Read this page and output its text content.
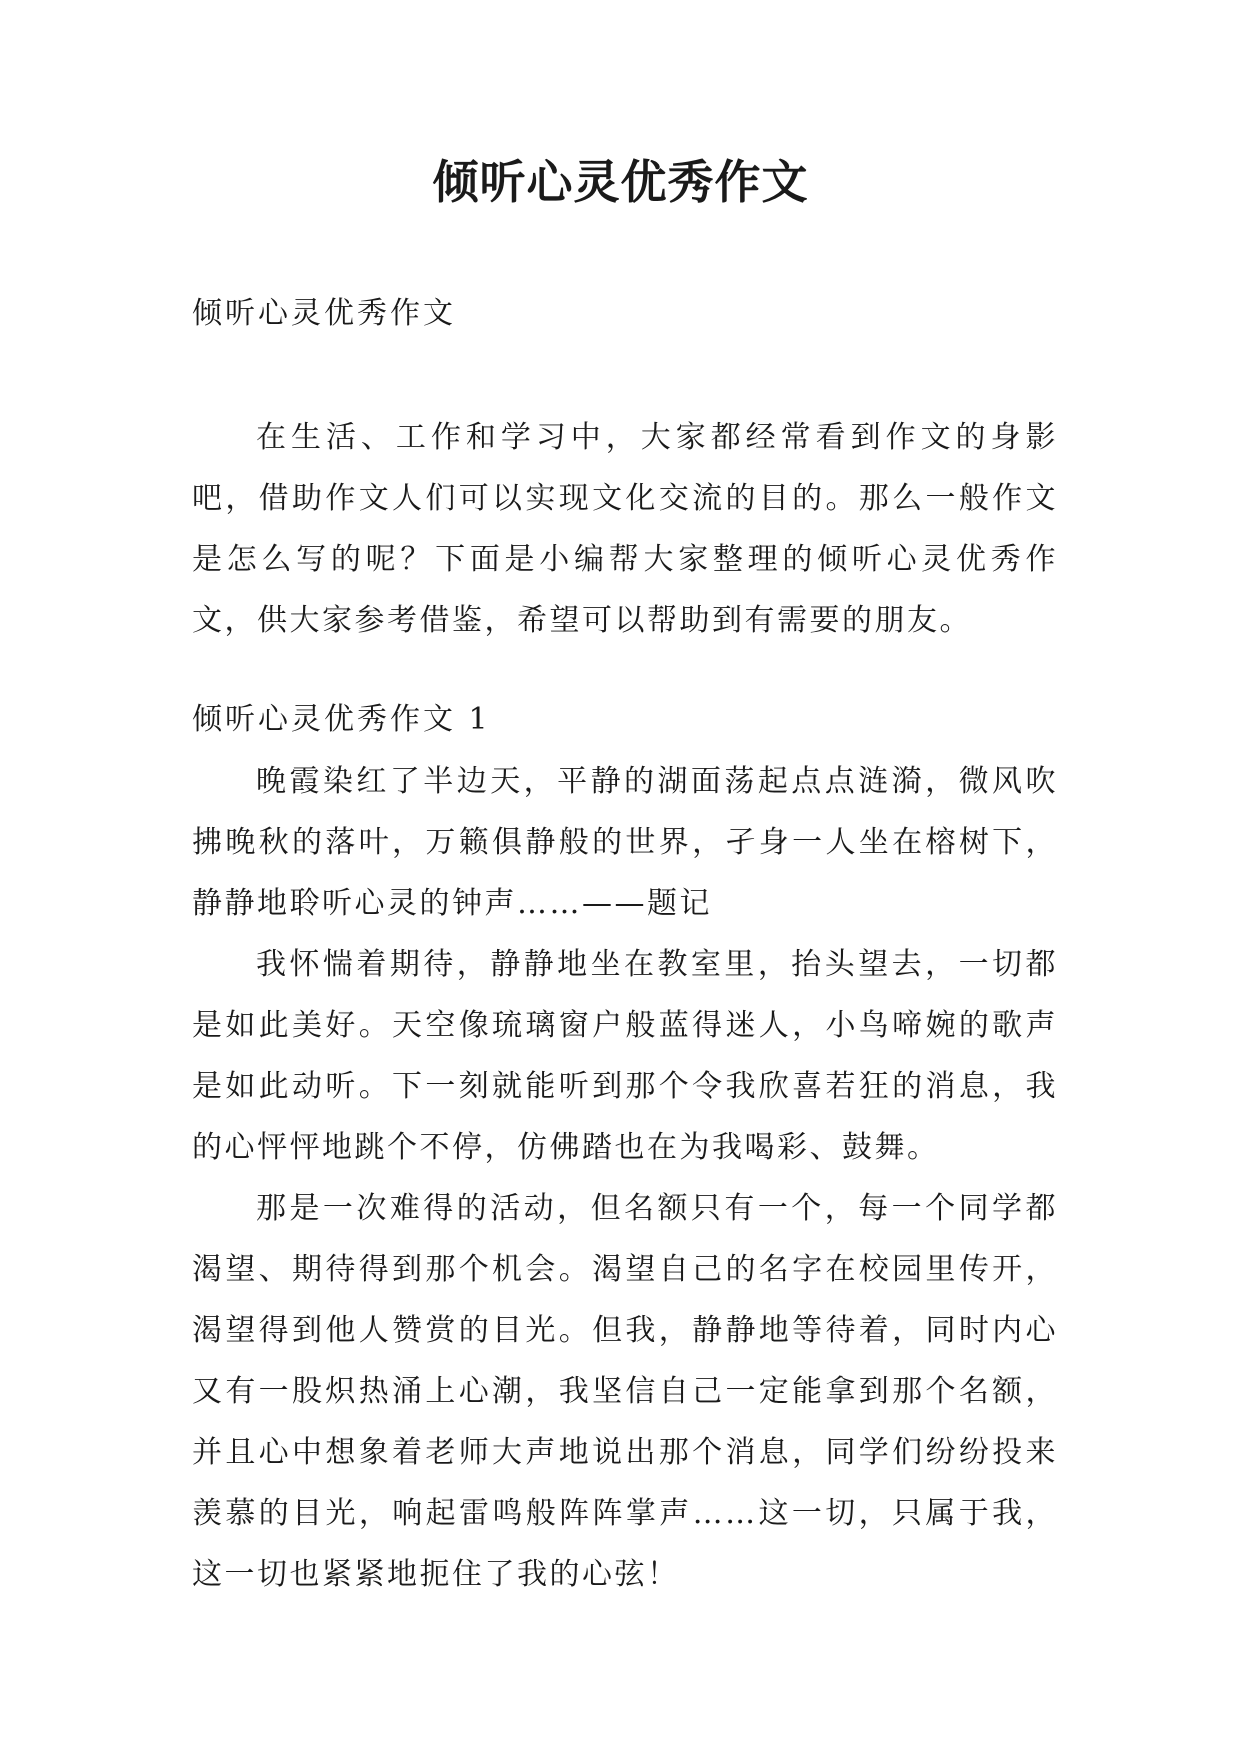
倾听心灵优秀作文

倾听心灵优秀作文

在生活、工作和学习中，大家都经常看到作文的身影吧，借助作文人们可以实现文化交流的目的。那么一般作文是怎么写的呢？下面是小编帮大家整理的倾听心灵优秀作文，供大家参考借鉴，希望可以帮助到有需要的朋友。

倾听心灵优秀作文 1

晚霞染红了半边天，平静的湖面荡起点点涟漪，微风吹拂晚秋的落叶，万籁俱静般的世界，孑身一人坐在榕树下，静静地聆听心灵的钟声……——题记

我怀惴着期待，静静地坐在教室里，抬头望去，一切都是如此美好。天空像琉璃窗户般蓝得迷人，小鸟啼婉的歌声是如此动听。下一刻就能听到那个令我欣喜若狂的消息，我的心怦怦地跳个不停，仿佛踏也在为我喝彩、鼓舞。

那是一次难得的活动，但名额只有一个，每一个同学都渴望、期待得到那个机会。渴望自己的名字在校园里传开，渴望得到他人赞赏的目光。但我，静静地等待着，同时内心又有一股炽热涌上心潮，我坚信自己一定能拿到那个名额，并且心中想象着老师大声地说出那个消息，同学们纷纷投来羡慕的目光，响起雷鸣般阵阵掌声……这一切，只属于我，这一切也紧紧地扼住了我的心弦！
